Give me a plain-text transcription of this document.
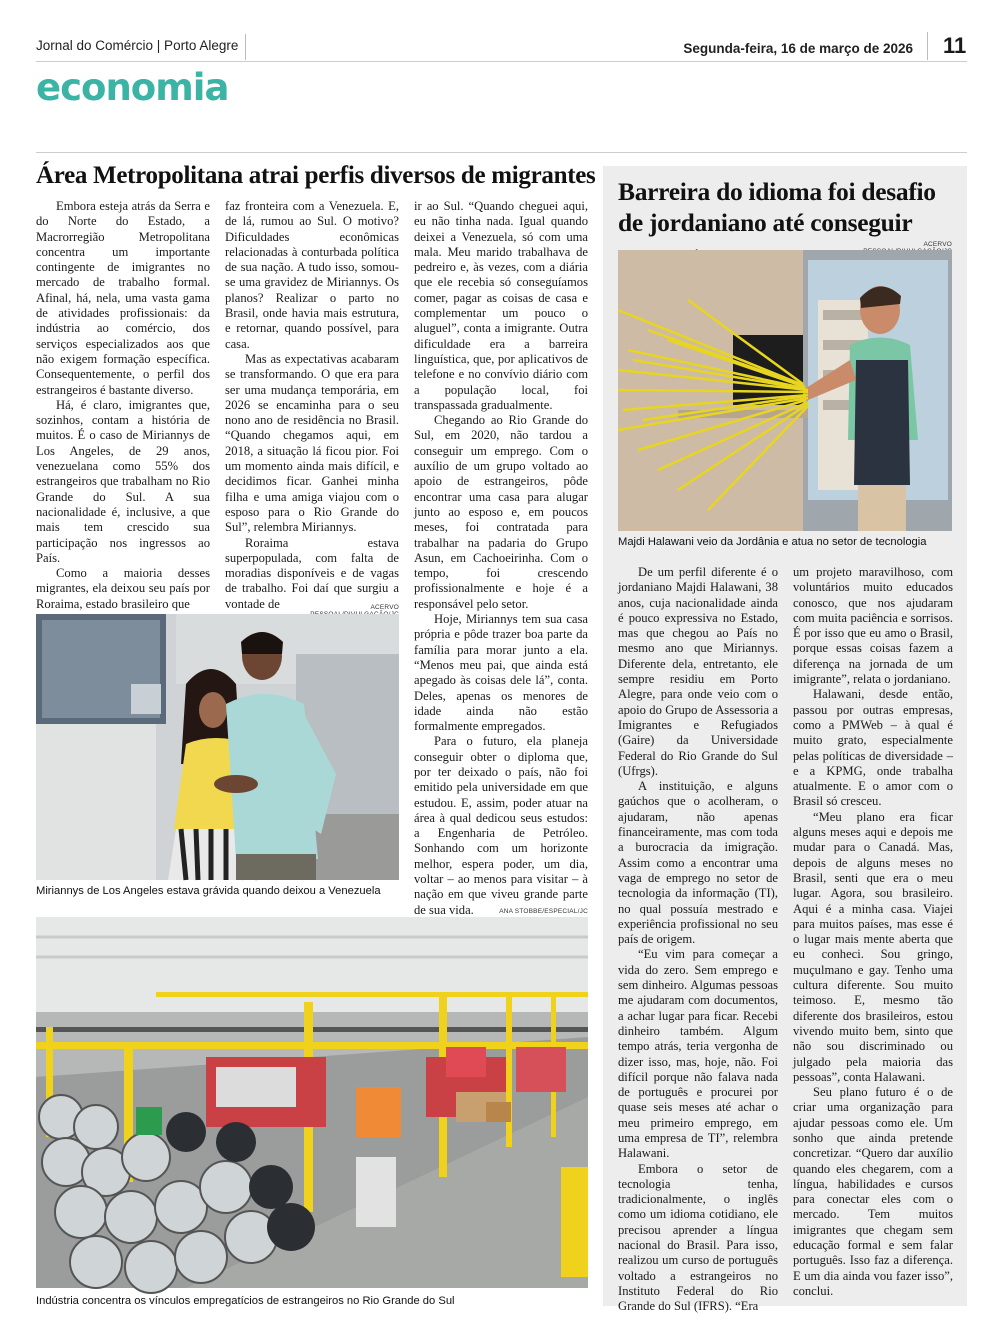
Jornal do Comércio | Porto Alegre	Segunda-feira, 16 de março de 2026 11
economia
Área Metropolitana atrai perfis diversos de migrantes

Embora esteja atrás da Serra e do Norte do Estado, a Macrorregião Metropolitana concentra um importante contingente de imigrantes no mercado de trabalho formal. Afinal, há, nela, uma vasta gama de atividades profissionais: da indústria ao comércio, dos serviços especializados aos que não exigem formação específica. Consequentemente, o perfil dos estrangeiros é bastante diverso.

Há, é claro, imigrantes que, sozinhos, contam a história de muitos. É o caso de Miriannys de Los Angeles, de 29 anos, venezuelana como 55% dos estrangeiros que trabalham no Rio Grande do Sul. A sua nacionalidade é, inclusive, a que mais tem crescido sua participação nos ingressos ao País.

Como a maioria desses migrantes, ela deixou seu país por Roraima, estado brasileiro que

faz fronteira com a Venezuela. E, de lá, rumou ao Sul. O motivo? Dificuldades econômicas relacionadas à conturbada política de sua nação. A tudo isso, somou-se uma gravidez de Miriannys. Os planos? Realizar o parto no Brasil, onde havia mais estrutura, e retornar, quando possível, para casa.

Mas as expectativas acabaram se transformando. O que era para ser uma mudança temporária, em 2026 se encaminha para o seu nono ano de residência no Brasil. “Quando chegamos aqui, em 2018, a situação lá ficou pior. Foi um momento ainda mais difícil, e decidimos ficar. Ganhei minha filha e uma amiga viajou com o esposo para o Rio Grande do Sul”, relembra Miriannys.

Roraima estava superpopulada, com falta de moradias disponíveis e de vagas de trabalho. Foi daí que surgiu a vontade de

ir ao Sul. “Quando cheguei aqui, eu não tinha nada. Igual quando deixei a Venezuela, só com uma mala. Meu marido trabalhava de pedreiro e, às vezes, com a diária que ele recebia só conseguíamos comer, pagar as coisas de casa e complementar um pouco o aluguel”, conta a imigrante. Outra dificuldade era a barreira linguística, que, por aplicativos de telefone e no convívio diário com a população local, foi transpassada gradualmente.

Chegando ao Rio Grande do Sul, em 2020, não tardou a conseguir um emprego. Com o auxílio de um grupo voltado ao apoio de estrangeiros, pôde encontrar uma casa para alugar junto ao esposo e, em poucos meses, foi contratada para trabalhar na padaria do Grupo Asun, em Cachoeirinha. Com o tempo, foi crescendo profissionalmente e hoje é a responsável pelo setor.

Hoje, Miriannys tem sua casa própria e pôde trazer boa parte da família para morar junto a ela. “Menos meu pai, que ainda está apegado às coisas dele lá”, conta. Deles, apenas os menores de idade ainda não estão formalmente empregados.

Para o futuro, ela planeja conseguir obter o diploma que, por ter deixado o país, não foi emitido pela universidade em que estudou. E, assim, poder atuar na área à qual dedicou seus estudos: a Engenharia de Petróleo. Sonhando com um horizonte melhor, espera poder, um dia, voltar – ao menos para visitar – à nação em que viveu grande parte de sua vida.

ACERVO
Miriannys de Los Angeles estava grávida quando deixou a Venezuela
ANA STOBBE/ESPECIAL/JC
Indústria concentra os vínculos empregatícios de estrangeiros no Rio Grande do Sul
Barreira do idioma foi desafio de jordaniano até conseguir
ACERVO
Majdi Halawani veio da Jordânia e atua no setor de tecnologia

De um perfil diferente é o jordaniano Majdi Halawani, 38 anos, cuja nacionalidade ainda é pouco expressiva no Estado, mas que chegou ao País no mesmo ano que Miriannys. Diferente dela, entretanto, ele sempre residiu em Porto Alegre, para onde veio com o apoio do Grupo de Assessoria a Imigrantes e Refugiados (Gaire) da Universidade Federal do Rio Grande do Sul (Ufrgs).

A instituição, e alguns gaúchos que o acolheram, o ajudaram, não apenas financeiramente, mas com toda a burocracia da imigração. Assim como a encontrar uma vaga de emprego no setor de tecnologia da informação (TI), no qual possuía mestrado e experiência profissional no seu país de origem.

“Eu vim para começar a vida do zero. Sem emprego e sem dinheiro. Algumas pessoas me ajudaram com documentos, a achar lugar para ficar. Recebi dinheiro também. Algum tempo atrás, teria vergonha de dizer isso, mas, hoje, não. Foi difícil porque não falava nada de português e procurei por quase seis meses até achar o meu primeiro emprego, em uma empresa de TI”, relembra Halawani.

Embora o setor de tecnologia tenha, tradicionalmente, o inglês como um idioma cotidiano, ele precisou aprender a língua nacional do Brasil. Para isso, realizou um curso de português voltado a estrangeiros no Instituto Federal do Rio Grande do Sul (IFRS). “Era

um projeto maravilhoso, com voluntários muito educados conosco, que nos ajudaram com muita paciência e sorrisos. É por isso que eu amo o Brasil, porque essas coisas fazem a diferença na jornada de um imigrante”, relata o jordaniano.

Halawani, desde então, passou por outras empresas, como a PMWeb – à qual é muito grato, especialmente pelas políticas de diversidade – e a KPMG, onde trabalha atualmente. E o amor com o Brasil só cresceu.

“Meu plano era ficar alguns meses aqui e depois me mudar para o Canadá. Mas, depois de alguns meses no Brasil, senti que era o meu lugar. Agora, sou brasileiro. Aqui é a minha casa. Viajei para muitos países, mas esse é o lugar mais mente aberta que eu conheci. Sou gringo, muçulmano e gay. Tenho uma cultura diferente. Sou muito teimoso. E, mesmo tão diferente dos brasileiros, estou vivendo muito bem, sinto que não sou discriminado ou julgado pela maioria das pessoas”, conta Halawani.

Seu plano futuro é o de criar uma organização para ajudar pessoas como ele. Um sonho que ainda pretende concretizar. “Quero dar auxílio quando eles chegarem, com a língua, habilidades e cursos para conectar eles com o mercado. Tem muitos imigrantes que chegam sem educação formal e sem falar português. Isso faz a diferença. E um dia ainda vou fazer isso”, conclui.
